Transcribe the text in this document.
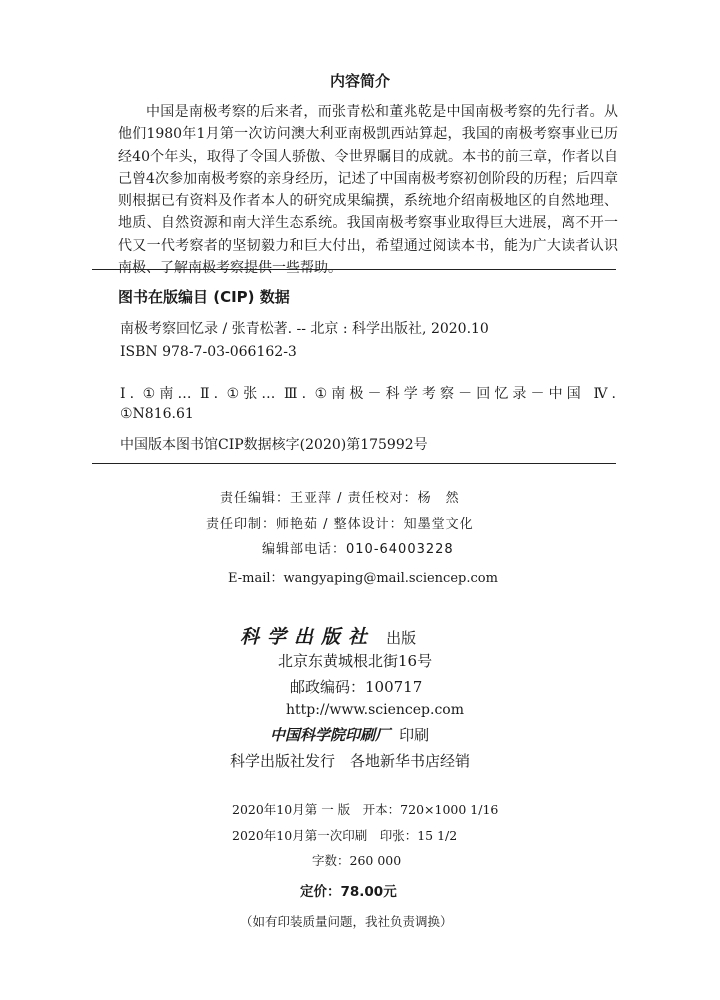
内容简介

中国是南极考察的后来者，而张青松和董兆乾是中国南极考察的先行者。从他们1980年1月第一次访问澳大利亚南极凯西站算起，我国的南极考察事业已历经40个年头，取得了令国人骄傲、令世界瞩目的成就。本书的前三章，作者以自己曾4次参加南极考察的亲身经历，记述了中国南极考察初创阶段的历程；后四章则根据已有资料及作者本人的研究成果编撰，系统地介绍南极地区的自然地理、地质、自然资源和南大洋生态系统。我国南极考察事业取得巨大进展，离不开一代又一代考察者的坚韧毅力和巨大付出，希望通过阅读本书，能为广大读者认识南极、了解南极考察提供一些帮助。

图书在版编目 (CIP) 数据
南极考察回忆录 / 张青松著. -- 北京 : 科学出版社, 2020.10
ISBN 978-7-03-066162-3
Ⅰ. ①南… Ⅱ. ①张… Ⅲ. ①南极－科学考察－回忆录－中国 Ⅳ.
①N816.61
中国版本图书馆CIP数据核字(2020)第175992号
责任编辑：王亚萍 / 责任校对：杨　然
责任印制：师艳茹 / 整体设计：知墨堂文化
编辑部电话：010-64003228
E-mail：wangyaping@mail.sciencep.com
科学出版社 出版
北京东黄城根北街16号
邮政编码：100717
http://www.sciencep.com
中国科学院印刷厂 印刷
科学出版社发行　各地新华书店经销
2020年10月第 一 版　开本：720×1000 1/16
2020年10月第一次印刷　印张：15 1/2
字数：260 000
定价：78.00元
（如有印装质量问题，我社负责调换）
